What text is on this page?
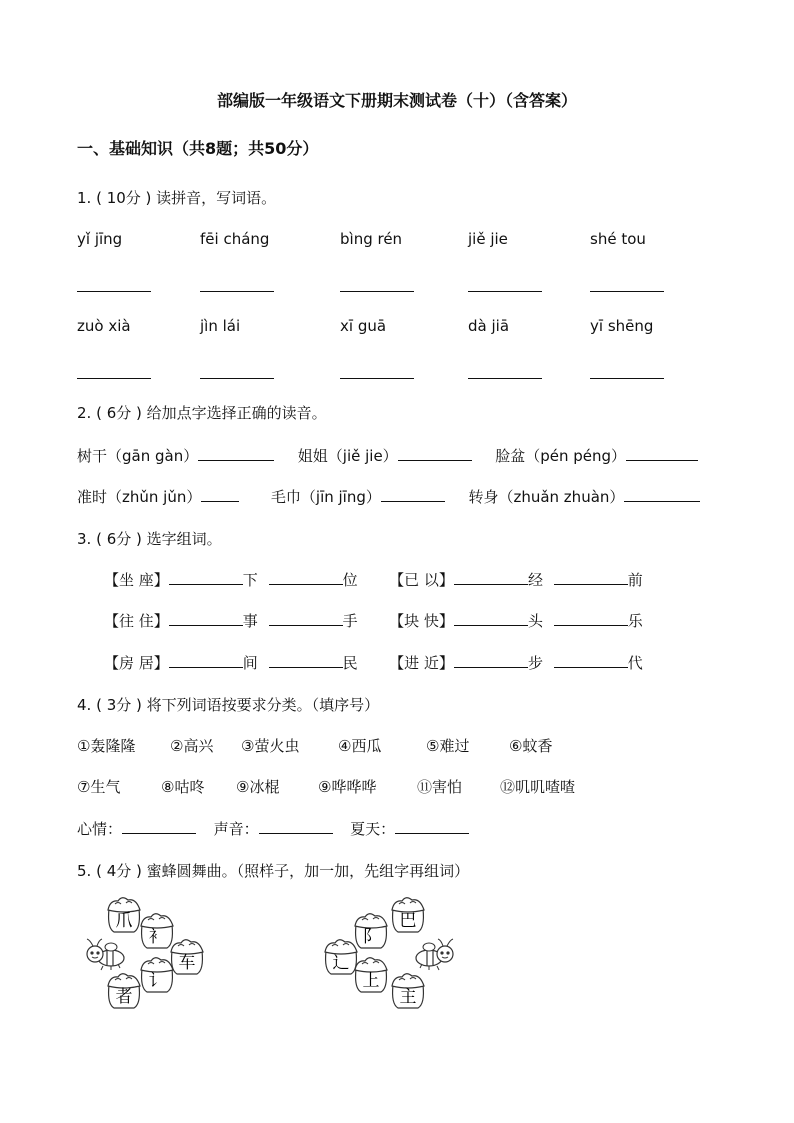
部编版一年级语文下册期末测试卷（十）（含答案）
一、基础知识（共8题；共50分）
1. ( 10分 ) 读拼音，写词语。
yǐ jīng	fēi cháng	bìng rén	jiě jie	shé tou
zuò xià	jìn lái	xī guā	dà jiā	yī shēng
2. ( 6分 ) 给加点字选择正确的读音。
树干（gān gàn）	姐姐（jiě jie）	脸盆（pén péng）
准时（zhǔn jǔn）	毛巾（jīn jīng）	转身（zhuǎn zhuàn）
3. ( 6分 ) 选字组词。
【坐 座】	下	位 【已 以】	经	前
【往 住】	事	手 【块 快】	头	乐
【房 居】	间	民 【进 近】	步	代
4. ( 3分 ) 将下列词语按要求分类。（填序号）
①轰隆隆 ②高兴 ③萤火虫	④西瓜	⑤难过	⑥蚊香
⑦生气	⑧咕咚 ⑨冰棍	⑨哗哗哗	⑪害怕	⑫叽叽喳喳
心情：	声音：	夏天：
5. ( 4分 ) 蜜蜂圆舞曲。（照样子，加一加，先组字再组词）
爪
衤
车
讠
者
巴
阝
辶
上
主
